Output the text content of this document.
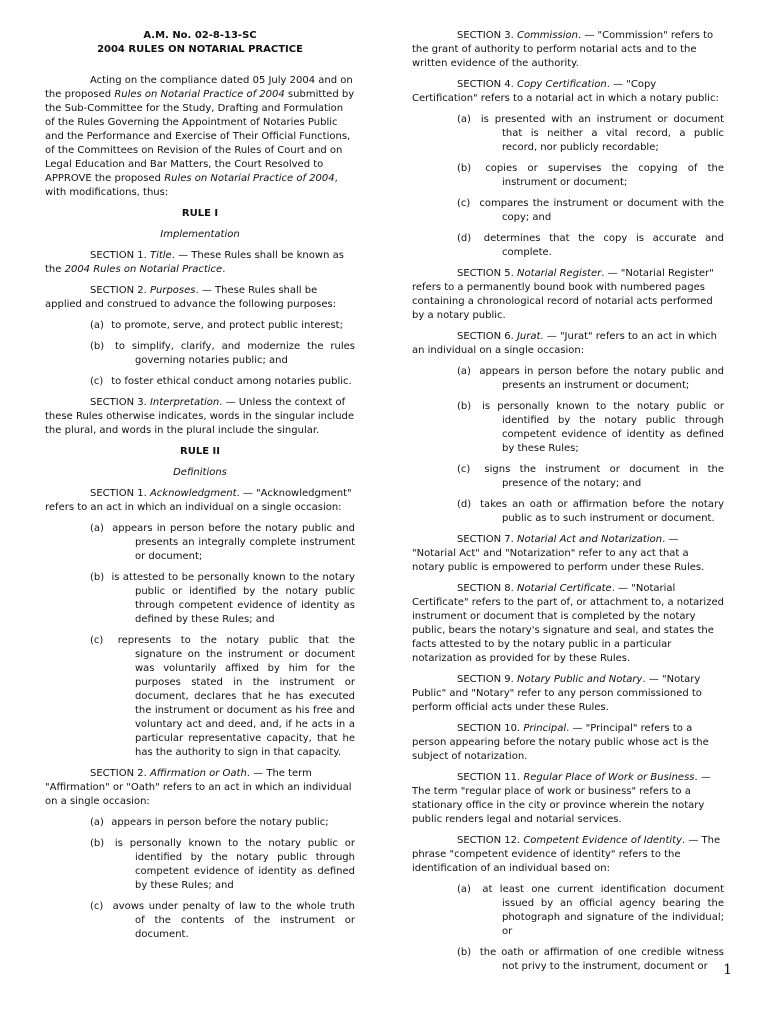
A.M. No. 02-8-13-SC

2004 RULES ON NOTARIAL PRACTICE

Acting on the compliance dated 05 July 2004 and on the proposed Rules on Notarial Practice of 2004 submitted by the Sub-Committee for the Study, Drafting and Formulation of the Rules Governing the Appointment of Notaries Public and the Performance and Exercise of Their Official Functions, of the Committees on Revision of the Rules of Court and on Legal Education and Bar Matters, the Court Resolved to APPROVE the proposed Rules on Notarial Practice of 2004, with modifications, thus:

RULE I

Implementation

SECTION 1. Title. — These Rules shall be known as the 2004 Rules on Notarial Practice.

SECTION 2. Purposes. — These Rules shall be applied and construed to advance the following purposes:

(a) to promote, serve, and protect public interest;

(b) to simplify, clarify, and modernize the rules governing notaries public; and

(c) to foster ethical conduct among notaries public.

SECTION 3. Interpretation. — Unless the context of these Rules otherwise indicates, words in the singular include the plural, and words in the plural include the singular.

RULE II

Definitions

SECTION 1. Acknowledgment. — "Acknowledgment" refers to an act in which an individual on a single occasion:

(a) appears in person before the notary public and presents an integrally complete instrument or document;

(b) is attested to be personally known to the notary public or identified by the notary public through competent evidence of identity as defined by these Rules; and

(c) represents to the notary public that the signature on the instrument or document was voluntarily affixed by him for the purposes stated in the instrument or document, declares that he has executed the instrument or document as his free and voluntary act and deed, and, if he acts in a particular representative capacity, that he has the authority to sign in that capacity.

SECTION 2. Affirmation or Oath. — The term "Affirmation" or "Oath" refers to an act in which an individual on a single occasion:

(a) appears in person before the notary public;

(b) is personally known to the notary public or identified by the notary public through competent evidence of identity as defined by these Rules; and

(c) avows under penalty of law to the whole truth of the contents of the instrument or document.

SECTION 3. Commission. — "Commission" refers to the grant of authority to perform notarial acts and to the written evidence of the authority.

SECTION 4. Copy Certification. — "Copy Certification" refers to a notarial act in which a notary public:

(a) is presented with an instrument or document that is neither a vital record, a public record, nor publicly recordable;

(b) copies or supervises the copying of the instrument or document;

(c) compares the instrument or document with the copy; and

(d) determines that the copy is accurate and complete.

SECTION 5. Notarial Register. — "Notarial Register" refers to a permanently bound book with numbered pages containing a chronological record of notarial acts performed by a notary public.

SECTION 6. Jurat. — "Jurat" refers to an act in which an individual on a single occasion:

(a) appears in person before the notary public and presents an instrument or document;

(b) is personally known to the notary public or identified by the notary public through competent evidence of identity as defined by these Rules;

(c) signs the instrument or document in the presence of the notary; and

(d) takes an oath or affirmation before the notary public as to such instrument or document.

SECTION 7. Notarial Act and Notarization. — "Notarial Act" and "Notarization" refer to any act that a notary public is empowered to perform under these Rules.

SECTION 8. Notarial Certificate. — "Notarial Certificate" refers to the part of, or attachment to, a notarized instrument or document that is completed by the notary public, bears the notary's signature and seal, and states the facts attested to by the notary public in a particular notarization as provided for by these Rules.

SECTION 9. Notary Public and Notary. — "Notary Public" and "Notary" refer to any person commissioned to perform official acts under these Rules.

SECTION 10. Principal. — "Principal" refers to a person appearing before the notary public whose act is the subject of notarization.

SECTION 11. Regular Place of Work or Business. — The term "regular place of work or business" refers to a stationary office in the city or province wherein the notary public renders legal and notarial services.

SECTION 12. Competent Evidence of Identity. — The phrase "competent evidence of identity" refers to the identification of an individual based on:

(a) at least one current identification document issued by an official agency bearing the photograph and signature of the individual; or

(b) the oath or affirmation of one credible witness not privy to the instrument, document or	1
